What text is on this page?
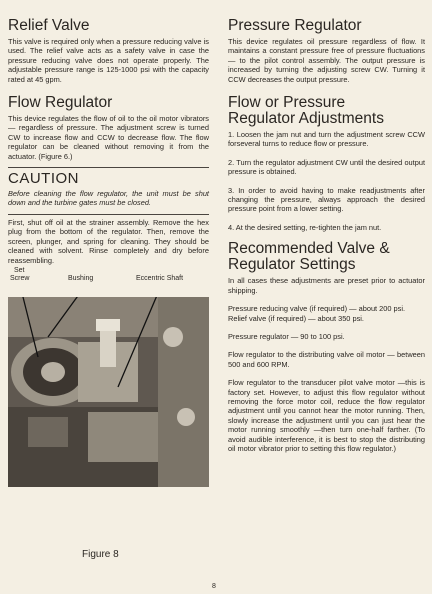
Relief Valve

This valve is required only when a pressure reducing valve is used. The relief valve acts as a safety valve in case the pressure reducing valve does not operate properly. The adjustable pressure range is 125-1000 psi with the capacity rated at 45 gpm.

Flow Regulator

This device regulates the flow of oil to the oil motor vibrators — regardless of pressure. The adjustment screw is turned CW to increase flow and CCW to decrease flow. The flow regulator can be cleaned without removing it from the actuator. (Figure 6.)

CAUTION

Before cleaning the flow regulator, the unit must be shut down and the turbine gates must be closed.

First, shut off oil at the strainer assembly. Remove the hex plug from the bottom of the regulator. Then, remove the screen, plunger, and spring for cleaning. They should be cleaned with solvent. Rinse completely and dry before reassembling.

Set
Screw	Bushing	Eccentric Shaft
Figure 8
Pressure Regulator

This device regulates oil pressure regardless of flow. It maintains a constant pressure free of pressure fluctuations — to the pilot control assembly. The output pressure is increased by turning the adjusting screw CW. Turning it CCW decreases the output pressure.

Flow or Pressure
Regulator Adjustments

1. Loosen the jam nut and turn the adjustment screw CCW forseveral turns to reduce flow or pressure.

2. Turn the regulator adjustment CW until the desired output pressure is obtained.

3. In order to avoid having to make readjustments after changing the pressure, always approach the desired pressure point from a lower setting.

4. At the desired setting, re-tighten the jam nut.

Recommended Valve &
Regulator Settings

In all cases these adjustments are preset prior to actuator shipping.

Pressure reducing valve (if required) — about 200 psi.

Relief valve (if required) — about 350 psi.

Pressure regulator — 90 to 100 psi.

Flow regulator to the distributing valve oil motor — between 500 and 600 RPM.

Flow regulator to the transducer pilot valve motor —this is factory set. However, to adjust this flow regulator without removing the force motor coil, reduce the flow regulator adjustment until you cannot hear the motor running. Then, slowly increase the adjustment until you can just hear the motor running smoothly —then turn one-half farther. (To avoid audible interference, it is best to stop the distributing oil motor vibrator prior to setting this flow regulator.)

8
